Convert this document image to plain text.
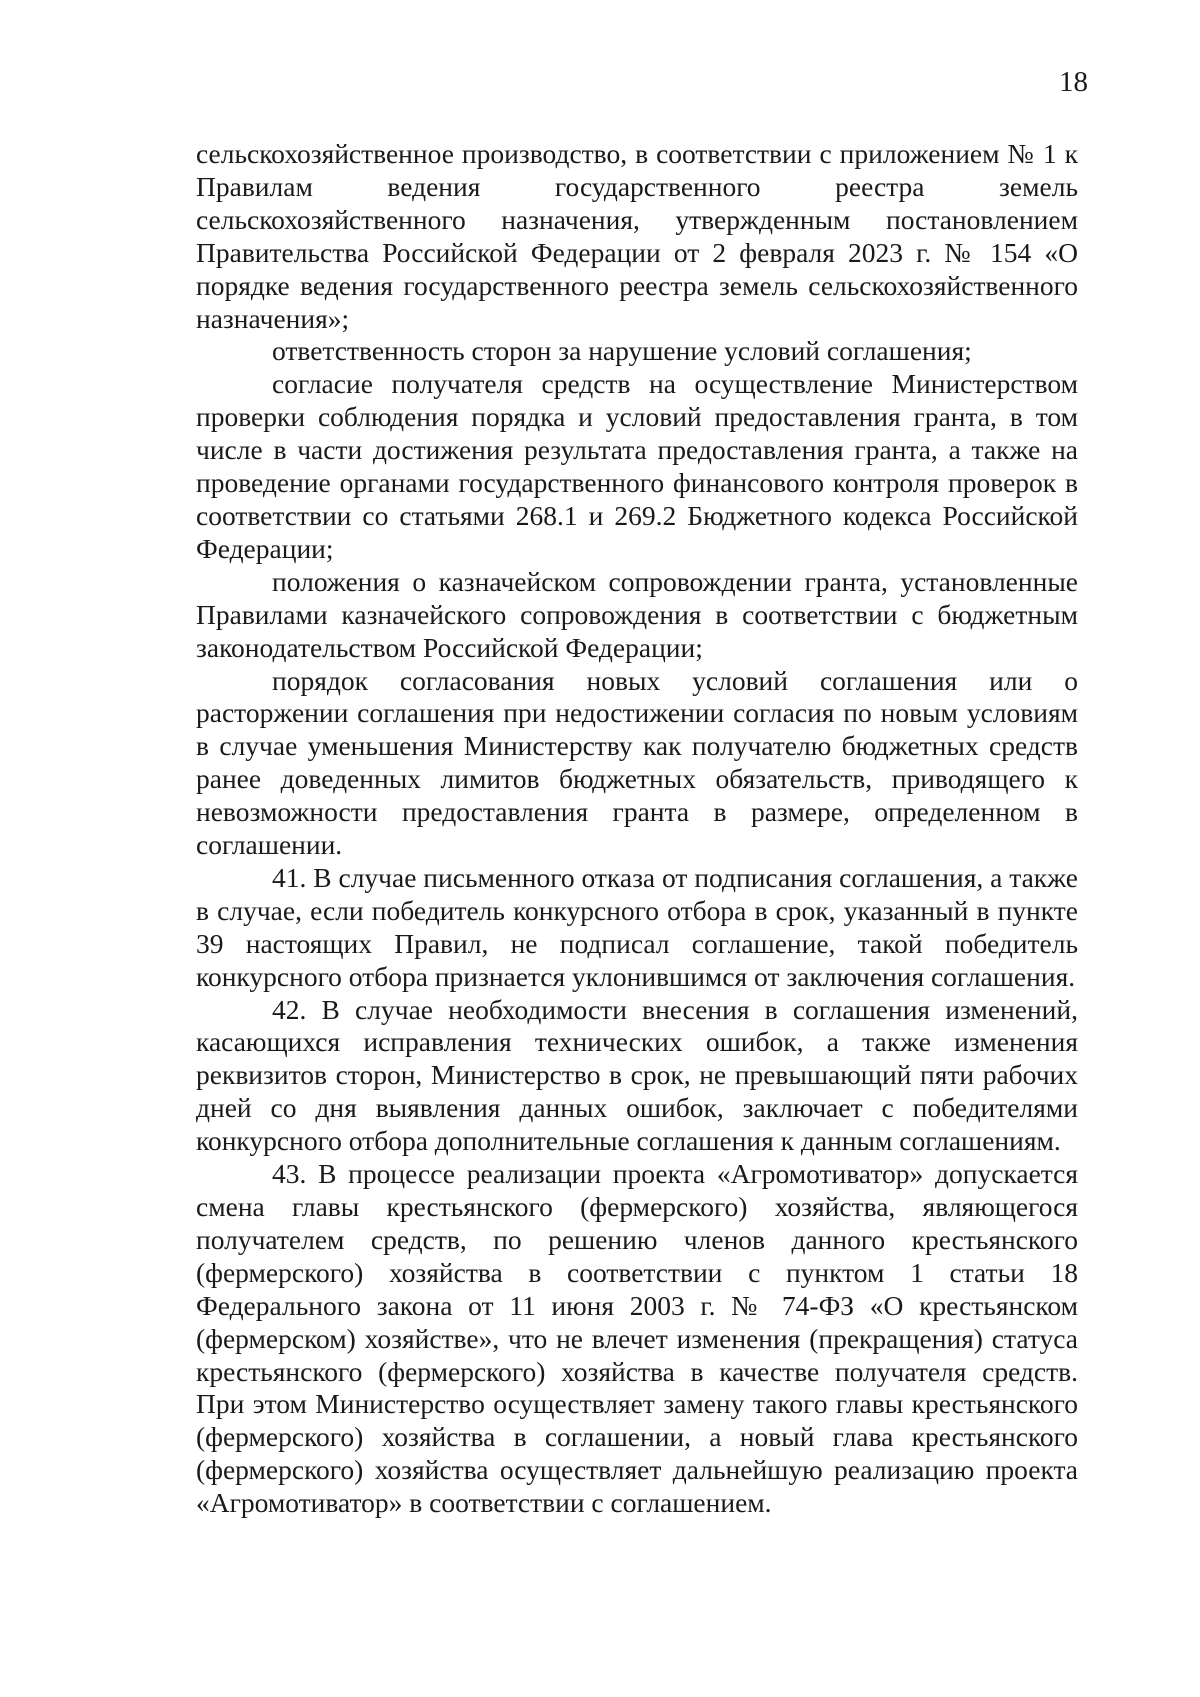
18

сельскохозяйственное производство, в соответствии с приложением № 1 к Правилам ведения государственного реестра земель сельскохозяйственного назначения, утвержденным постановлением Правительства Российской Федерации от 2 февраля 2023 г. № 154 «О порядке ведения государственного реестра земель сельскохозяйственного назначения»;

ответственность сторон за нарушение условий соглашения;

согласие получателя средств на осуществление Министерством проверки соблюдения порядка и условий предоставления гранта, в том числе в части достижения результата предоставления гранта, а также на проведение органами государственного финансового контроля проверок в соответствии со статьями 268.1 и 269.2 Бюджетного кодекса Российской Федерации;

положения о казначейском сопровождении гранта, установленные Правилами казначейского сопровождения в соответствии с бюджетным законодательством Российской Федерации;

порядок согласования новых условий соглашения или о расторжении соглашения при недостижении согласия по новым условиям в случае уменьшения Министерству как получателю бюджетных средств ранее доведенных лимитов бюджетных обязательств, приводящего к невозможности предоставления гранта в размере, определенном в соглашении.

41. В случае письменного отказа от подписания соглашения, а также в случае, если победитель конкурсного отбора в срок, указанный в пункте 39 настоящих Правил, не подписал соглашение, такой победитель конкурсного отбора признается уклонившимся от заключения соглашения.

42. В случае необходимости внесения в соглашения изменений, касающихся исправления технических ошибок, а также изменения реквизитов сторон, Министерство в срок, не превышающий пяти рабочих дней со дня выявления данных ошибок, заключает с победителями конкурсного отбора дополнительные соглашения к данным соглашениям.

43. В процессе реализации проекта «Агромотиватор» допускается смена главы крестьянского (фермерского) хозяйства, являющегося получателем средств, по решению членов данного крестьянского (фермерского) хозяйства в соответствии с пунктом 1 статьи 18 Федерального закона от 11 июня 2003 г. № 74-ФЗ «О крестьянском (фермерском) хозяйстве», что не влечет изменения (прекращения) статуса крестьянского (фермерского) хозяйства в качестве получателя средств. При этом Министерство осуществляет замену такого главы крестьянского (фермерского) хозяйства в соглашении, а новый глава крестьянского (фермерского) хозяйства осуществляет дальнейшую реализацию проекта «Агромотиватор» в соответствии с соглашением.
